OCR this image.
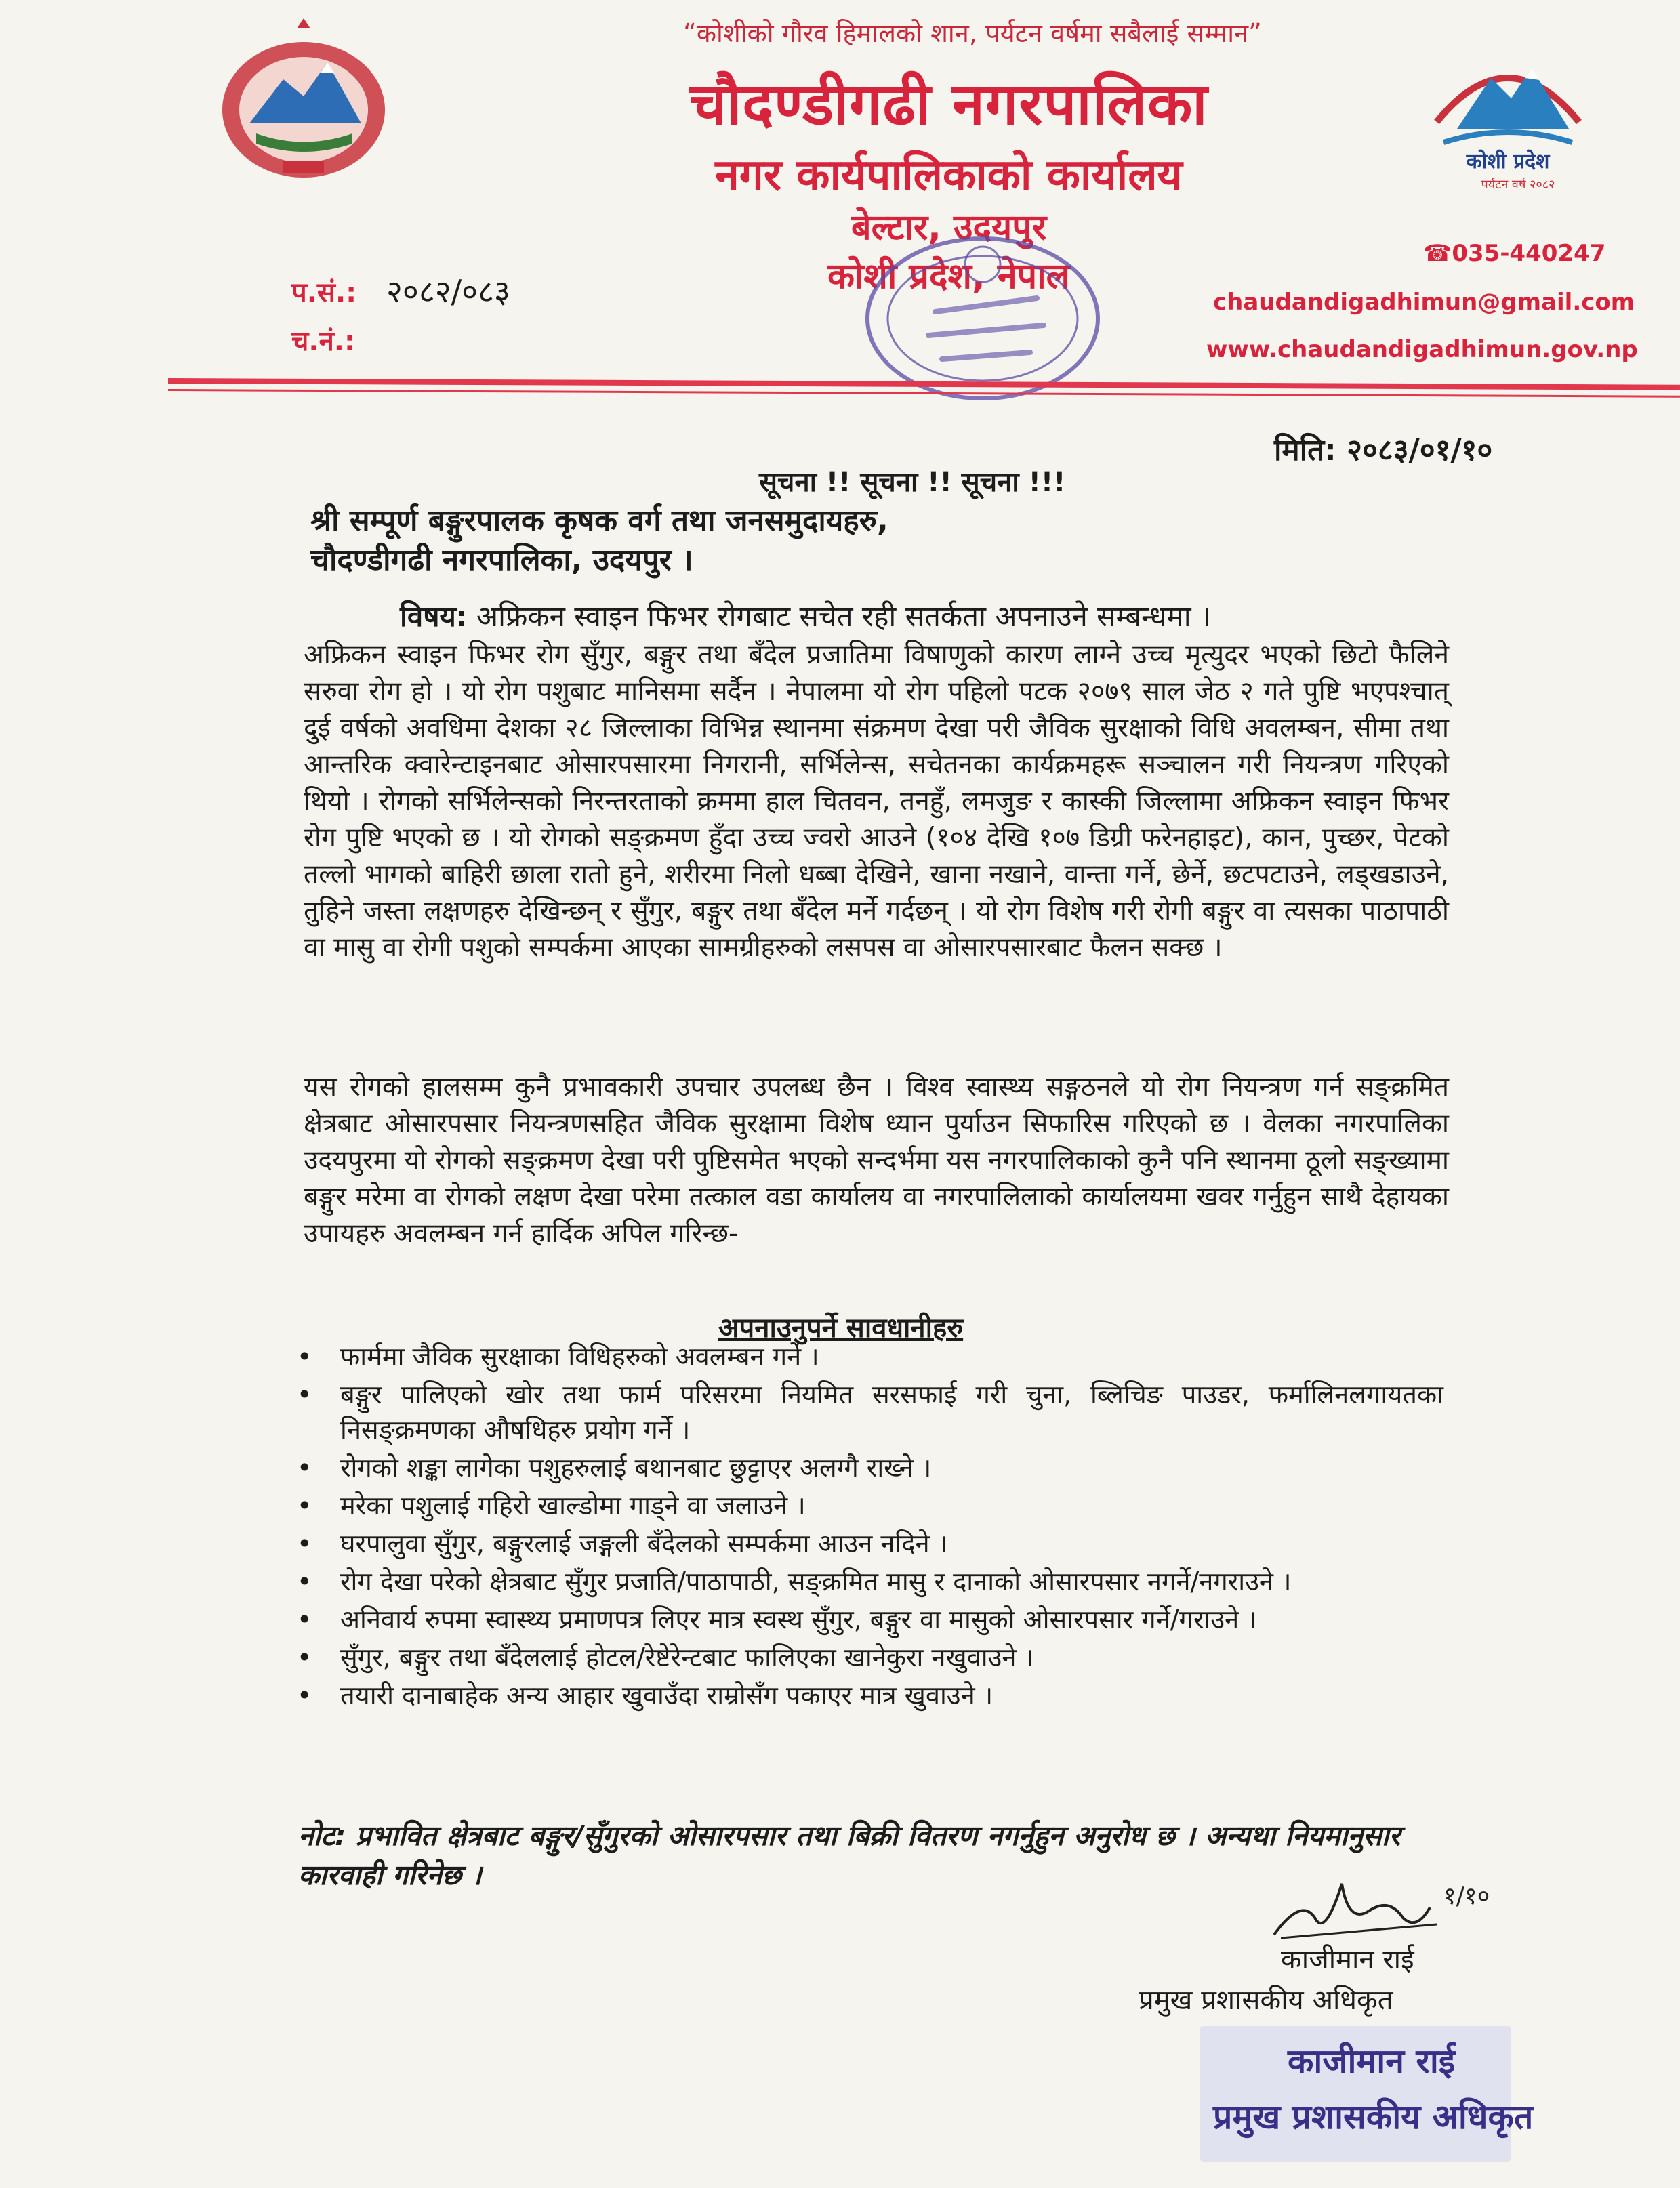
कोशी प्रदेश
पर्यटन वर्ष २०८२
“कोशीको गौरव हिमालको शान, पर्यटन वर्षमा सबैलाई सम्मान”
चौदण्डीगढी नगरपालिका
नगर कार्यपालिकाको कार्यालय
बेल्टार, उदयपुर
कोशी प्रदेश, नेपाल
प.सं.: २०८२/०८३
च.नं.:
☎035-440247
chaudandigadhimun@gmail.com
www.chaudandigadhimun.gov.np
मिति: २०८३/०१/१०
सूचना !! सूचना !! सूचना !!!
श्री सम्पूर्ण बङ्गुरपालक कृषक वर्ग तथा जनसमुदायहरु,
चौदण्डीगढी नगरपालिका, उदयपुर ।
विषय: अफ्रिकन स्वाइन फिभर रोगबाट सचेत रही सतर्कता अपनाउने सम्बन्धमा ।

अफ्रिकन स्वाइन फिभर रोग सुँगुर, बङ्गुर तथा बँदेल प्रजातिमा विषाणुको कारण लाग्ने उच्च मृत्युदर भएको छिटो फैलिने सरुवा रोग हो । यो रोग पशुबाट मानिसमा सर्दैन । नेपालमा यो रोग पहिलो पटक २०७९ साल जेठ २ गते पुष्टि भएपश्चात् दुई वर्षको अवधिमा देशका २८ जिल्लाका विभिन्न स्थानमा संक्रमण देखा परी जैविक सुरक्षाको विधि अवलम्बन, सीमा तथा आन्तरिक क्वारेन्टाइनबाट ओसारपसारमा निगरानी, सर्भिलेन्स, सचेतनका कार्यक्रमहरू सञ्चालन गरी नियन्त्रण गरिएको थियो । रोगको सर्भिलेन्सको निरन्तरताको क्रममा हाल चितवन, तनहुँ, लमजुङ र कास्की जिल्लामा अफ्रिकन स्वाइन फिभर रोग पुष्टि भएको छ । यो रोगको सङ्क्रमण हुँदा उच्च ज्वरो आउने (१०४ देखि १०७ डिग्री फरेनहाइट), कान, पुच्छर, पेटको तल्लो भागको बाहिरी छाला रातो हुने, शरीरमा निलो धब्बा देखिने, खाना नखाने, वान्ता गर्ने, छेर्ने, छटपटाउने, लड्खडाउने, तुहिने जस्ता लक्षणहरु देखिन्छन् र सुँगुर, बङ्गुर तथा बँदेल मर्ने गर्दछन् । यो रोग विशेष गरी रोगी बङ्गुर वा त्यसका पाठापाठी वा मासु वा रोगी पशुको सम्पर्कमा आएका सामग्रीहरुको लसपस वा ओसारपसारबाट फैलन सक्छ ।

यस रोगको हालसम्म कुनै प्रभावकारी उपचार उपलब्ध छैन । विश्व स्वास्थ्य सङ्गठनले यो रोग नियन्त्रण गर्न सङ्क्रमित क्षेत्रबाट ओसारपसार नियन्त्रणसहित जैविक सुरक्षामा विशेष ध्यान पुर्याउन सिफारिस गरिएको छ । वेलका नगरपालिका उदयपुरमा यो रोगको सङ्क्रमण देखा परी पुष्टिसमेत भएको सन्दर्भमा यस नगरपालिकाको कुनै पनि स्थानमा ठूलो सङ्ख्यामा बङ्गुर मरेमा वा रोगको लक्षण देखा परेमा तत्काल वडा कार्यालय वा नगरपालिलाको कार्यालयमा खवर गर्नुहुन साथै देहायका उपायहरु अवलम्बन गर्न हार्दिक अपिल गरिन्छ-

अपनाउनुपर्ने सावधानीहरु
• फार्ममा जैविक सुरक्षाका विधिहरुको अवलम्बन गर्ने ।
• बङ्गुर पालिएको खोर तथा फार्म परिसरमा नियमित सरसफाई गरी चुना, ब्लिचिङ पाउडर, फर्मालिनलगायतका निसङ्क्रमणका औषधिहरु प्रयोग गर्ने ।
• रोगको शङ्का लागेका पशुहरुलाई बथानबाट छुट्टाएर अलग्गै राख्ने ।
• मरेका पशुलाई गहिरो खाल्डोमा गाड्ने वा जलाउने ।
• घरपालुवा सुँगुर, बङ्गुरलाई जङ्गली बँदेलको सम्पर्कमा आउन नदिने ।
• रोग देखा परेको क्षेत्रबाट सुँगुर प्रजाति/पाठापाठी, सङ्क्रमित मासु र दानाको ओसारपसार नगर्ने/नगराउने ।
• अनिवार्य रुपमा स्वास्थ्य प्रमाणपत्र लिएर मात्र स्वस्थ सुँगुर, बङ्गुर वा मासुको ओसारपसार गर्ने/गराउने ।
• सुँगुर, बङ्गुर तथा बँदेललाई होटल/रेष्टेरेन्टबाट फालिएका खानेकुरा नखुवाउने ।
• तयारी दानाबाहेक अन्य आहार खुवाउँदा राम्रोसँग पकाएर मात्र खुवाउने ।
नोट: प्रभावित क्षेत्रबाट बङ्गुर/सुँगुरको ओसारपसार तथा बिक्री वितरण नगर्नुहुन अनुरोध छ । अन्यथा नियमानुसार कारवाही गरिनेछ ।
१/१०
काजीमान राई
प्रमुख प्रशासकीय अधिकृत
काजीमान राई
प्रमुख प्रशासकीय अधिकृत
